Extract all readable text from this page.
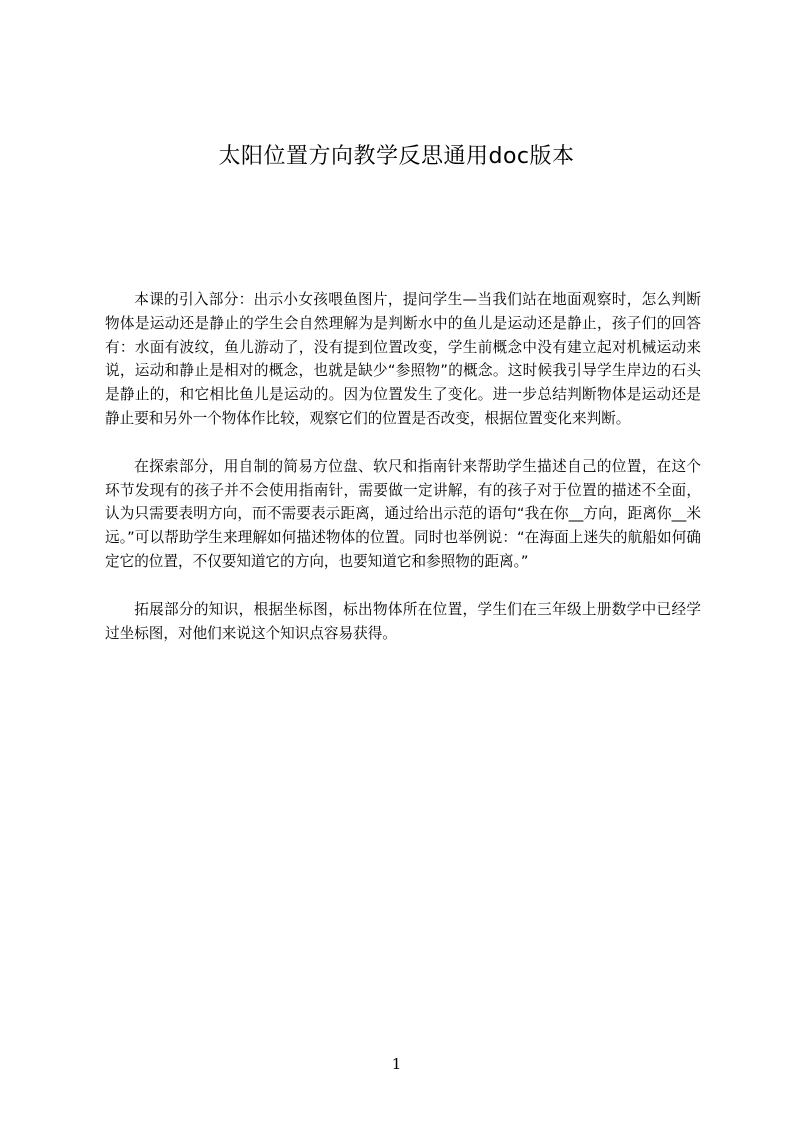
太阳位置方向教学反思通用doc版本

本课的引入部分：出示小女孩喂鱼图片，提问学生—当我们站在地面观察时，怎么判断物体是运动还是静止的学生会自然理解为是判断水中的鱼儿是运动还是静止，孩子们的回答有：水面有波纹，鱼儿游动了，没有提到位置改变，学生前概念中没有建立起对机械运动来说，运动和静止是相对的概念，也就是缺少“参照物”的概念。这时候我引导学生岸边的石头是静止的，和它相比鱼儿是运动的。因为位置发生了变化。进一步总结判断物体是运动还是静止要和另外一个物体作比较，观察它们的位置是否改变，根据位置变化来判断。

在探索部分，用自制的简易方位盘、软尺和指南针来帮助学生描述自己的位置，在这个环节发现有的孩子并不会使用指南针，需要做一定讲解，有的孩子对于位置的描述不全面，认为只需要表明方向，而不需要表示距离，通过给出示范的语句“我在你__方向，距离你__米远。”可以帮助学生来理解如何描述物体的位置。同时也举例说：“在海面上迷失的航船如何确定它的位置，不仅要知道它的方向，也要知道它和参照物的距离。”

拓展部分的知识，根据坐标图，标出物体所在位置，学生们在三年级上册数学中已经学过坐标图，对他们来说这个知识点容易获得。

1
